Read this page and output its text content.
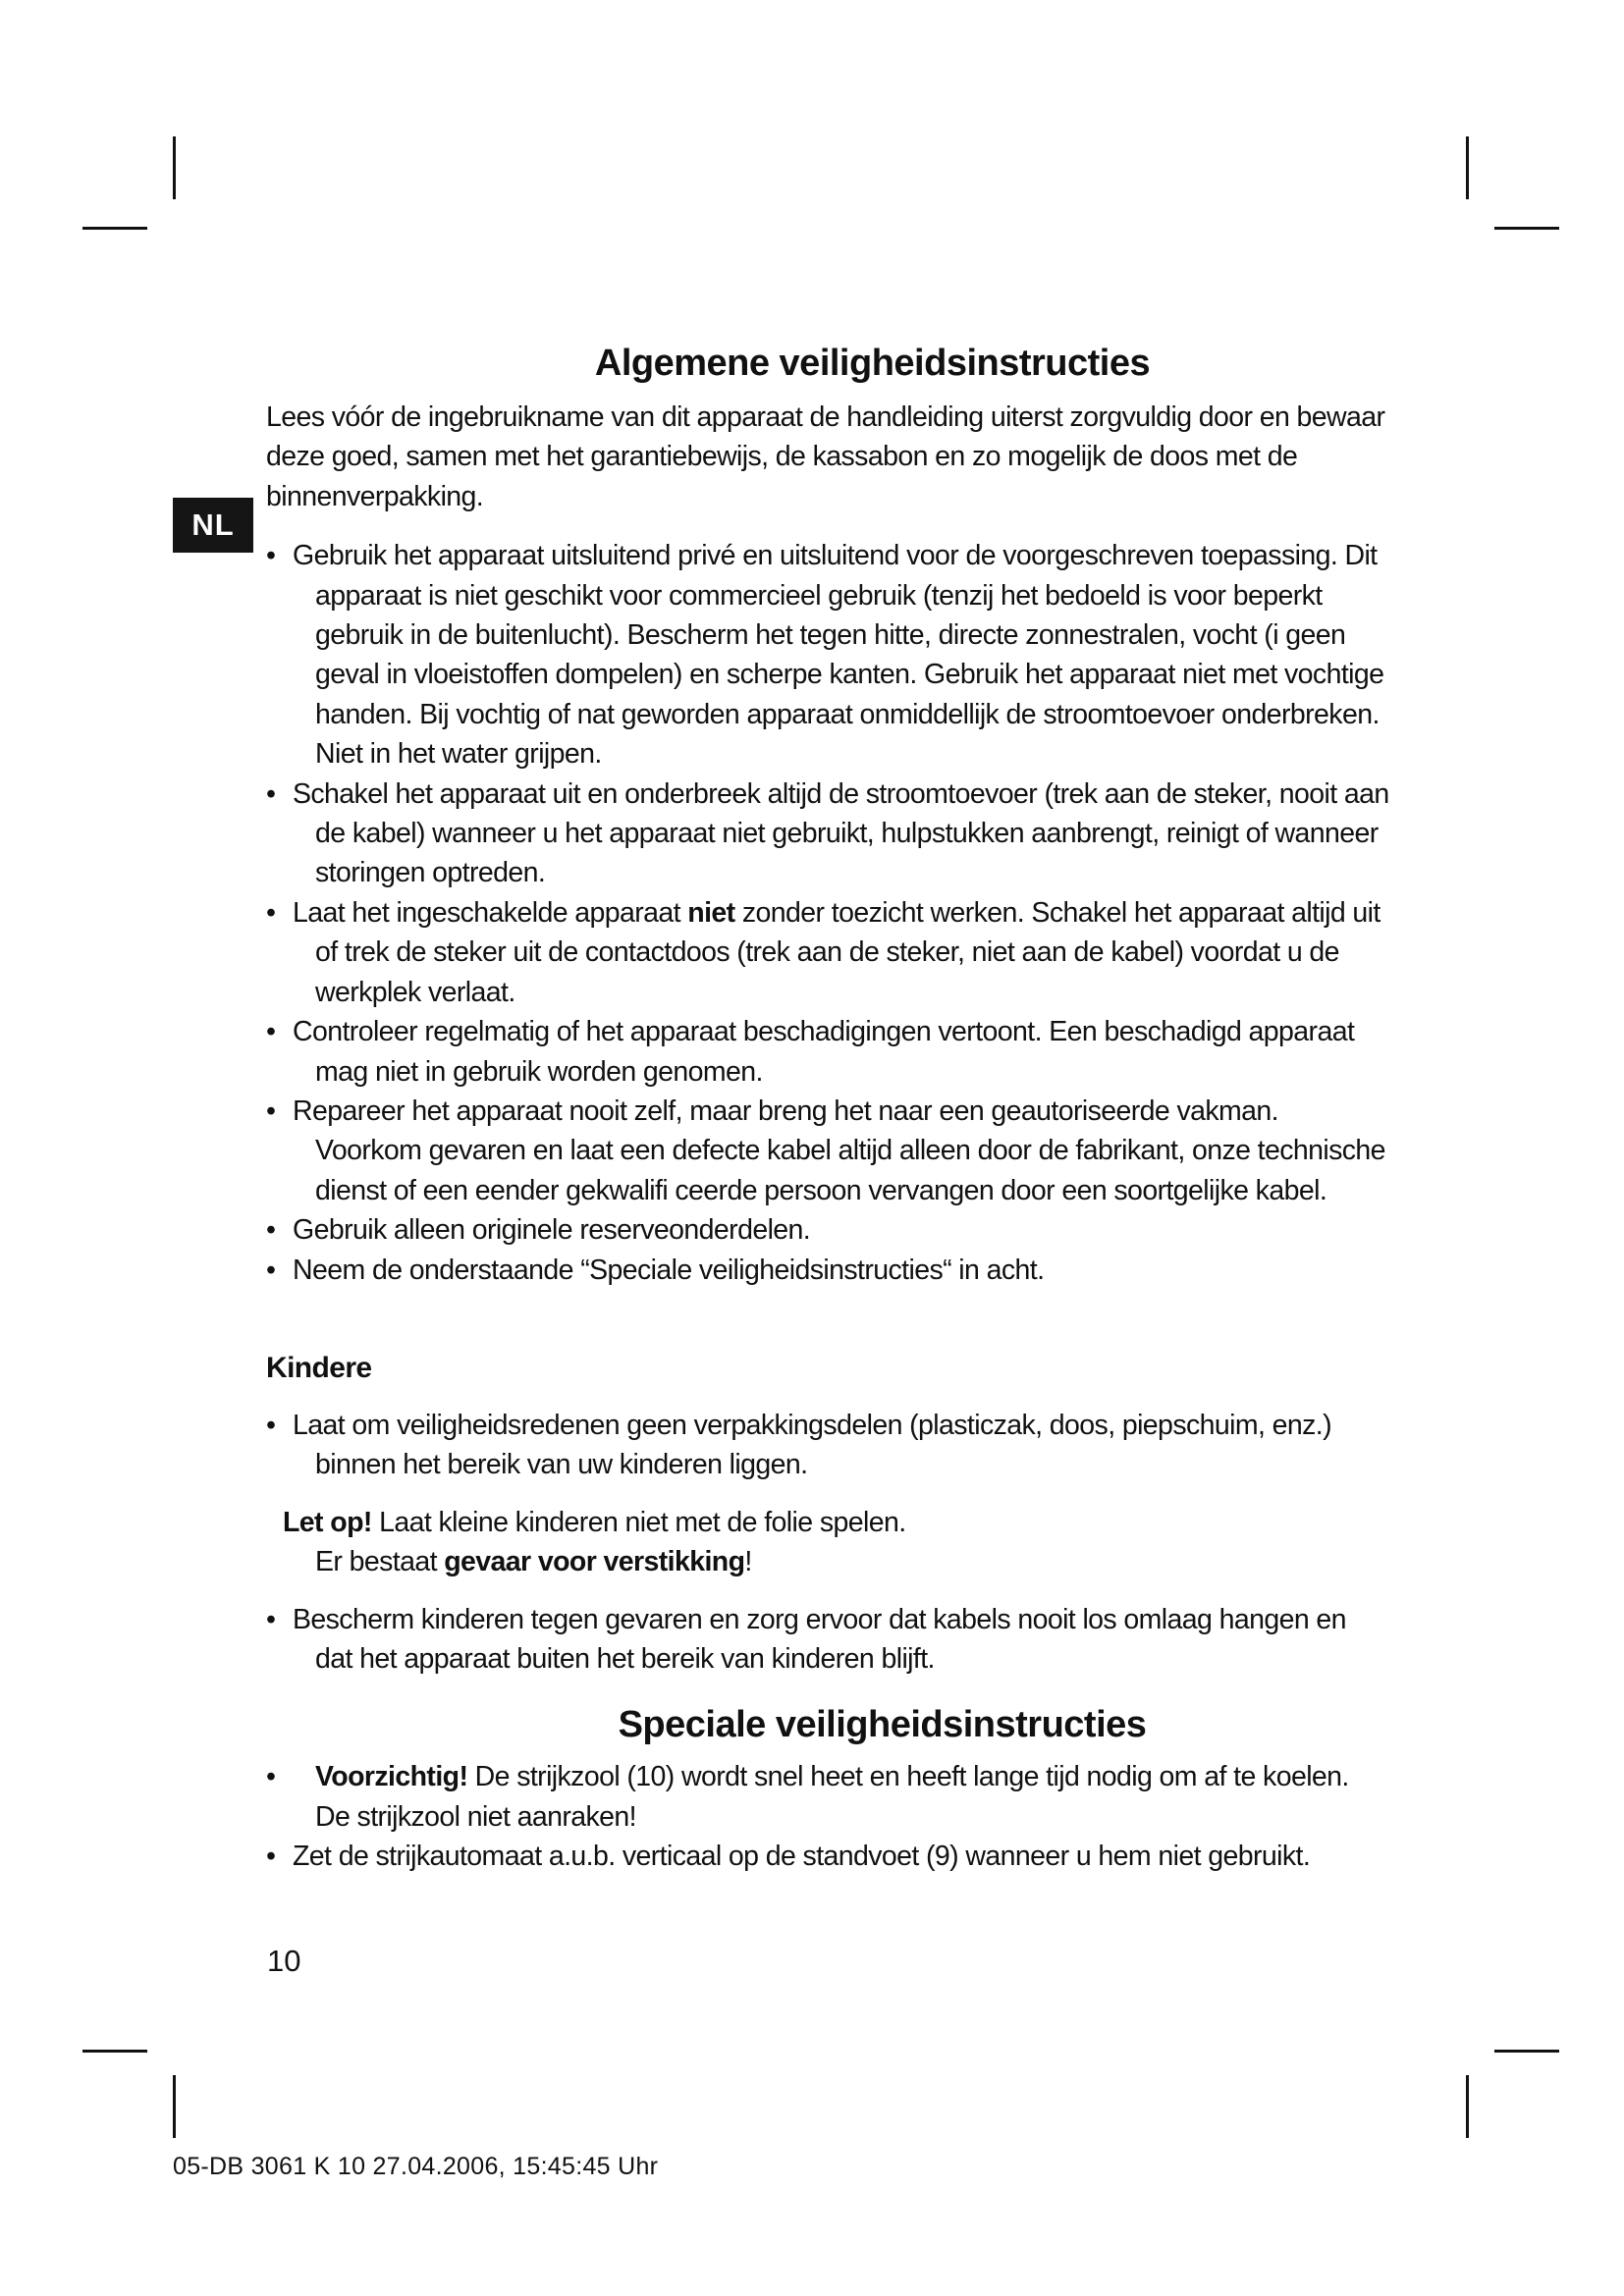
NL
Algemene veiligheidsinstructies

Lees vóór de ingebruikname van dit apparaat de handleiding uiterst zorgvuldig door en bewaar deze goed, samen met het garantiebewijs, de kassabon en zo mogelijk de doos met de binnenverpakking.

• Gebruik het apparaat uitsluitend privé en uitsluitend voor de voorgeschreven toepassing. Dit apparaat is niet geschikt voor commercieel gebruik (tenzij het bedoeld is voor beperkt gebruik in de buitenlucht). Bescherm het tegen hitte, directe zonnestralen, vocht (i geen geval in vloeistoffen dompelen) en scherpe kanten. Gebruik het apparaat niet met vochtige handen. Bij vochtig of nat geworden apparaat onmiddellijk de stroomtoevoer onderbreken. Niet in het water grijpen.
• Schakel het apparaat uit en onderbreek altijd de stroomtoevoer (trek aan de steker, nooit aan de kabel) wanneer u het apparaat niet gebruikt, hulpstukken aanbrengt, reinigt of wanneer storingen optreden.
• Laat het ingeschakelde apparaat niet zonder toezicht werken. Schakel het apparaat altijd uit of trek de steker uit de contactdoos (trek aan de steker, niet aan de kabel) voordat u de werkplek verlaat.
• Controleer regelmatig of het apparaat beschadigingen vertoont. Een beschadigd apparaat mag niet in gebruik worden genomen.
• Repareer het apparaat nooit zelf, maar breng het naar een geautoriseerde vakman. Voorkom gevaren en laat een defecte kabel altijd alleen door de fabrikant, onze technische dienst of een eender gekwalifi ceerde persoon vervangen door een soortgelijke kabel.
• Gebruik alleen originele reserveonderdelen.
• Neem de onderstaande “Speciale veiligheidsinstructies“ in acht.
Kindere
• Laat om veiligheidsredenen geen verpakkingsdelen (plasticzak, doos, piepschuim, enz.) binnen het bereik van uw kinderen liggen.
Let op! Laat kleine kinderen niet met de folie spelen.
Er bestaat gevaar voor verstikking!
• Bescherm kinderen tegen gevaren en zorg ervoor dat kabels nooit los omlaag hangen en dat het apparaat buiten het bereik van kinderen blijft.
Speciale veiligheidsinstructies
• Voorzichtig! De strijkzool (10) wordt snel heet en heeft lange tijd nodig om af te koelen. De strijkzool niet aanraken!
• Zet de strijkautomaat a.u.b. verticaal op de standvoet (9) wanneer u hem niet gebruikt.
10
05-DB 3061 K 10 27.04.2006, 15:45:45 Uhr
